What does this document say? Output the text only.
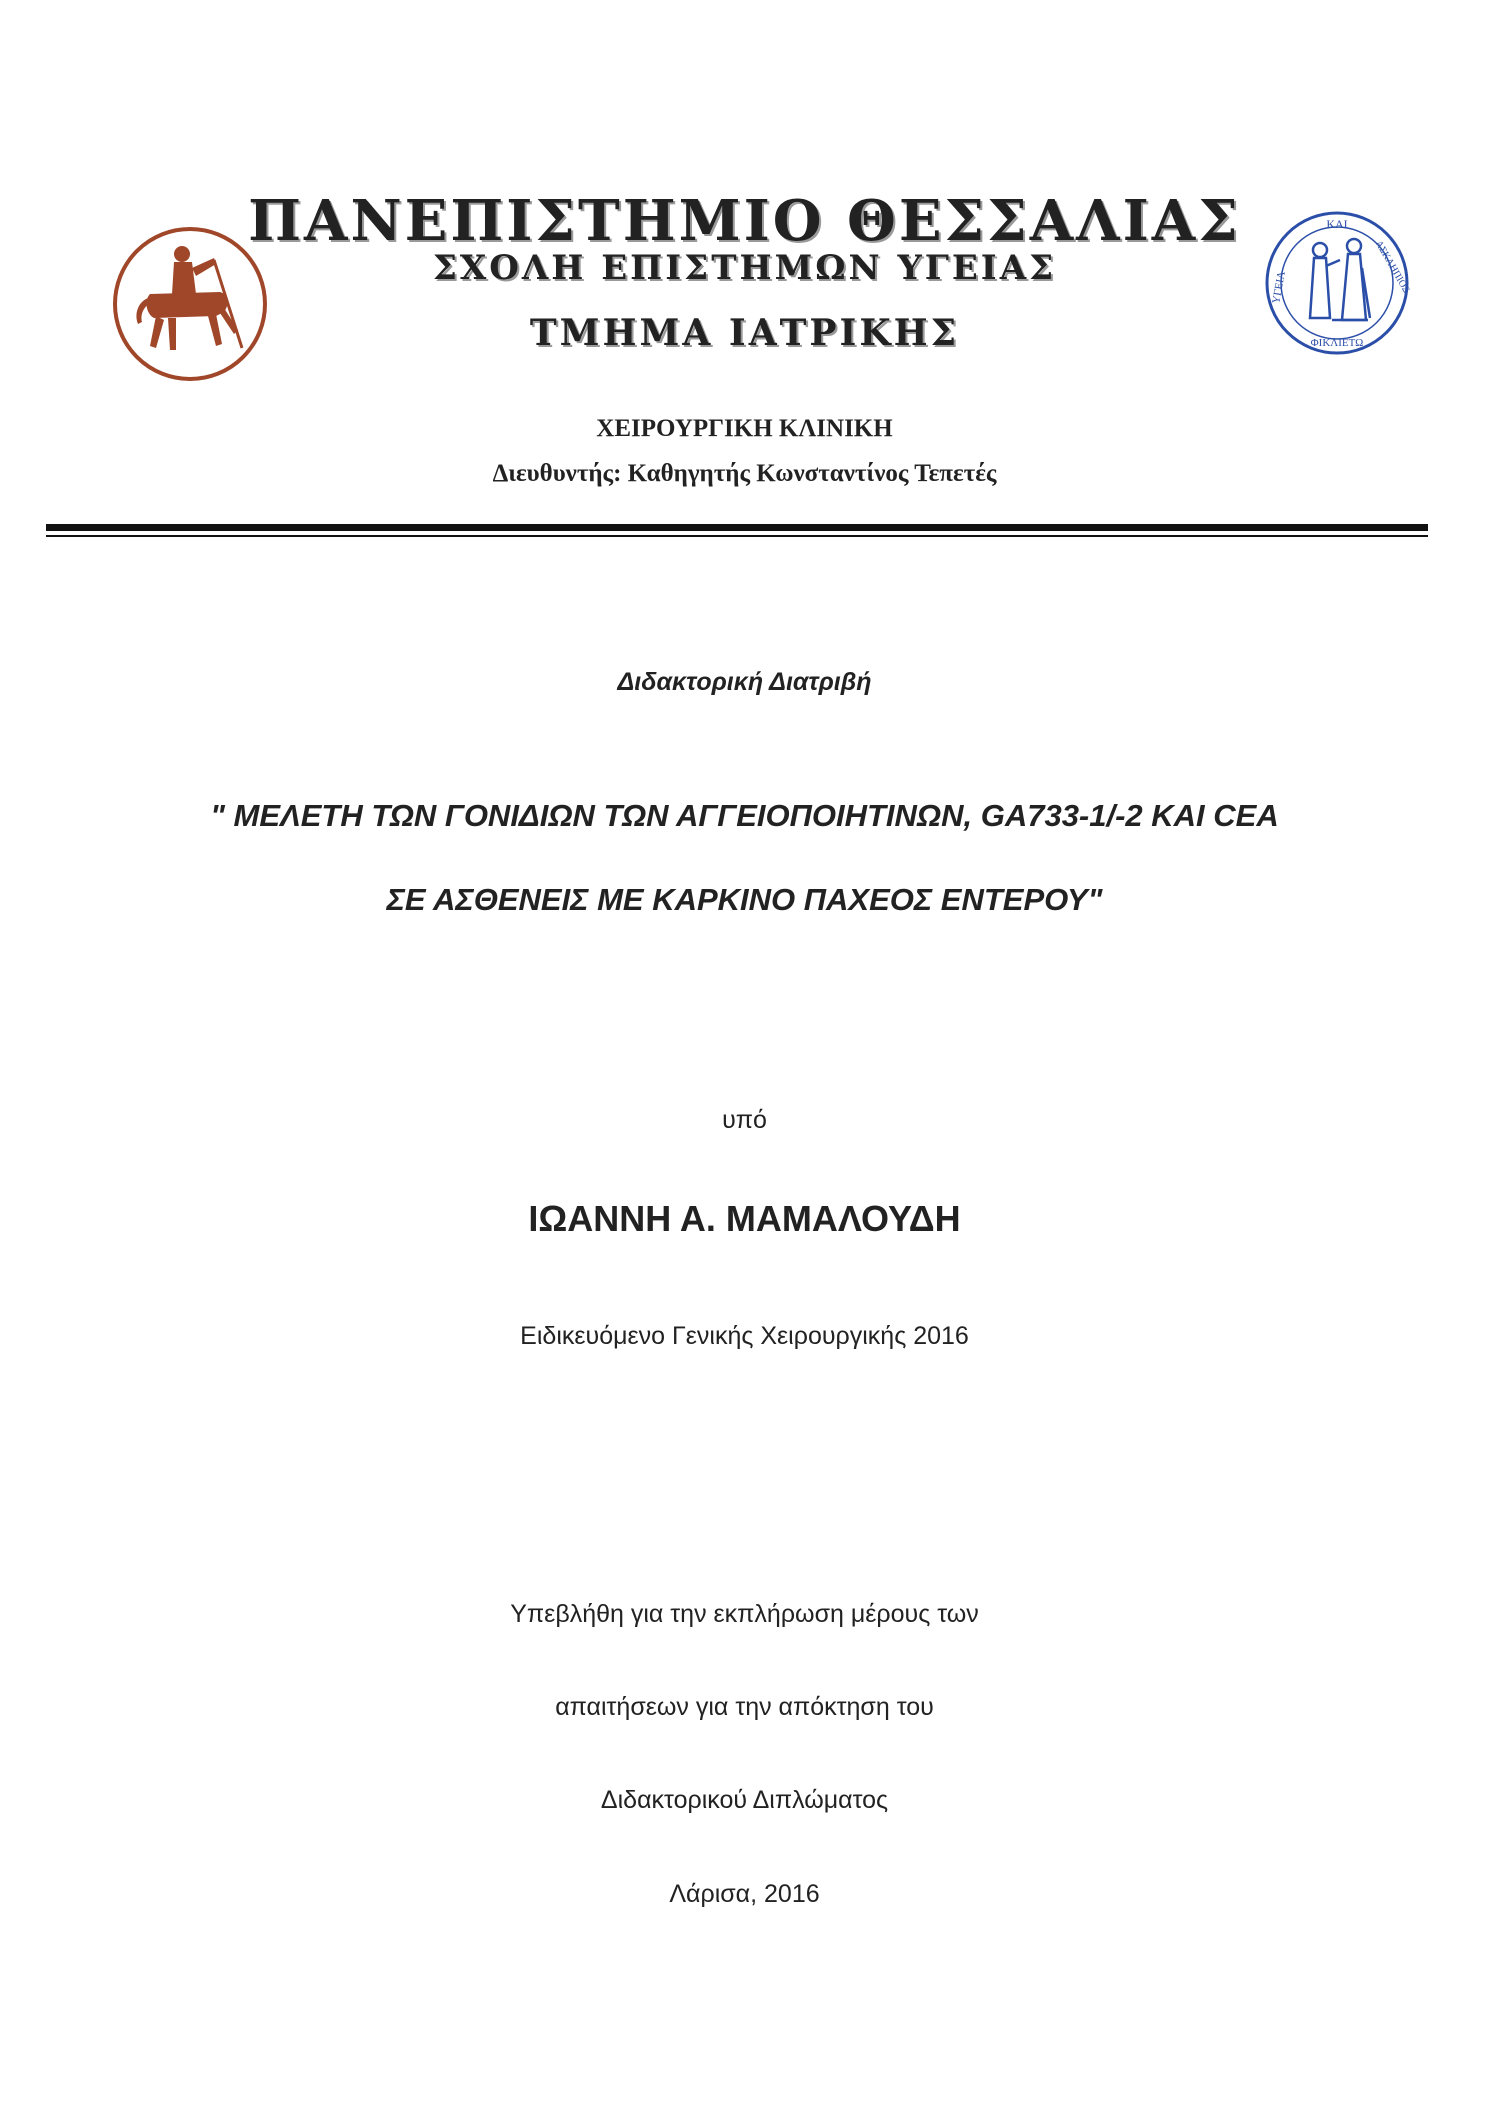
ΚΑΙ
ΥΓΕΙΑ	ΑΣΚΛΗΠΙΟΣ
ΦΙΚΛΙΕΤΩ
ΠΑΝΕΠΙΣΤΗΜΙΟ ΘΕΣΣΑΛΙΑΣ
ΣΧΟΛΗ ΕΠΙΣΤΗΜΩΝ ΥΓΕΙΑΣ
ΤΜΗΜΑ ΙΑΤΡΙΚΗΣ
ΧΕΙΡΟΥΡΓΙΚΗ ΚΛΙΝΙΚΗ
Διευθυντής: Καθηγητής Κωνσταντίνος Τεπετές
Διδακτορική Διατριβή
" ΜΕΛΕΤΗ ΤΩΝ ΓΟΝΙΔΙΩΝ ΤΩΝ ΑΓΓΕΙΟΠΟΙΗΤΙΝΩΝ, GA733-1/-2 ΚΑΙ CEA
ΣΕ ΑΣΘΕΝΕΙΣ ΜΕ ΚΑΡΚΙΝΟ ΠΑΧΕΟΣ ΕΝΤΕΡΟΥ"
υπό
ΙΩΑΝΝΗ Α. ΜΑΜΑΛΟΥΔΗ
Ειδικευόμενο Γενικής Χειρουργικής 2016
Υπεβλήθη για την εκπλήρωση μέρους των
απαιτήσεων για την απόκτηση του
Διδακτορικού Διπλώματος
Λάρισα, 2016
